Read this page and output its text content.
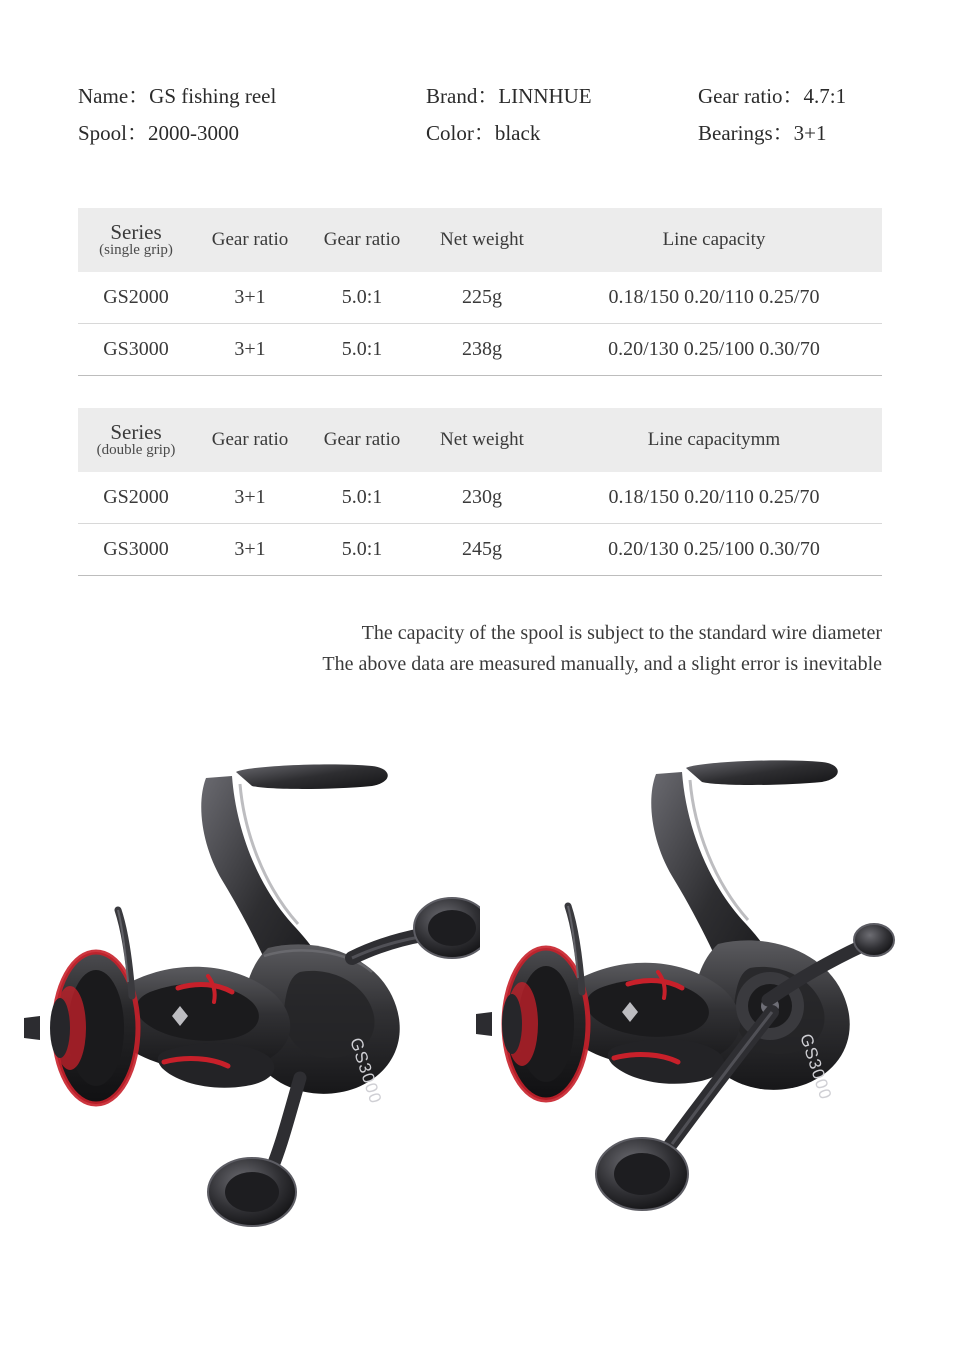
Name：GS fishing reel	Brand：LINNHUE	Gear ratio：4.7:1
Spool：2000-3000	Color：black	Bearings：3+1
Series
(single grip)	Gear ratio	Gear ratio	Net weight	Line capacity
GS2000	3+1	5.0:1	225g	0.18/150 0.20/110 0.25/70
GS3000	3+1	5.0:1	238g	0.20/130 0.25/100 0.30/70
Series
(double grip)	Gear ratio	Gear ratio	Net weight	Line capacitymm
GS2000	3+1	5.0:1	230g	0.18/150 0.20/110 0.25/70
GS3000	3+1	5.0:1	245g	0.20/130 0.25/100 0.30/70
The capacity of the spool is subject to the standard wire diameter
The above data are measured manually, and a slight error is inevitable
GS3000	GS3000
